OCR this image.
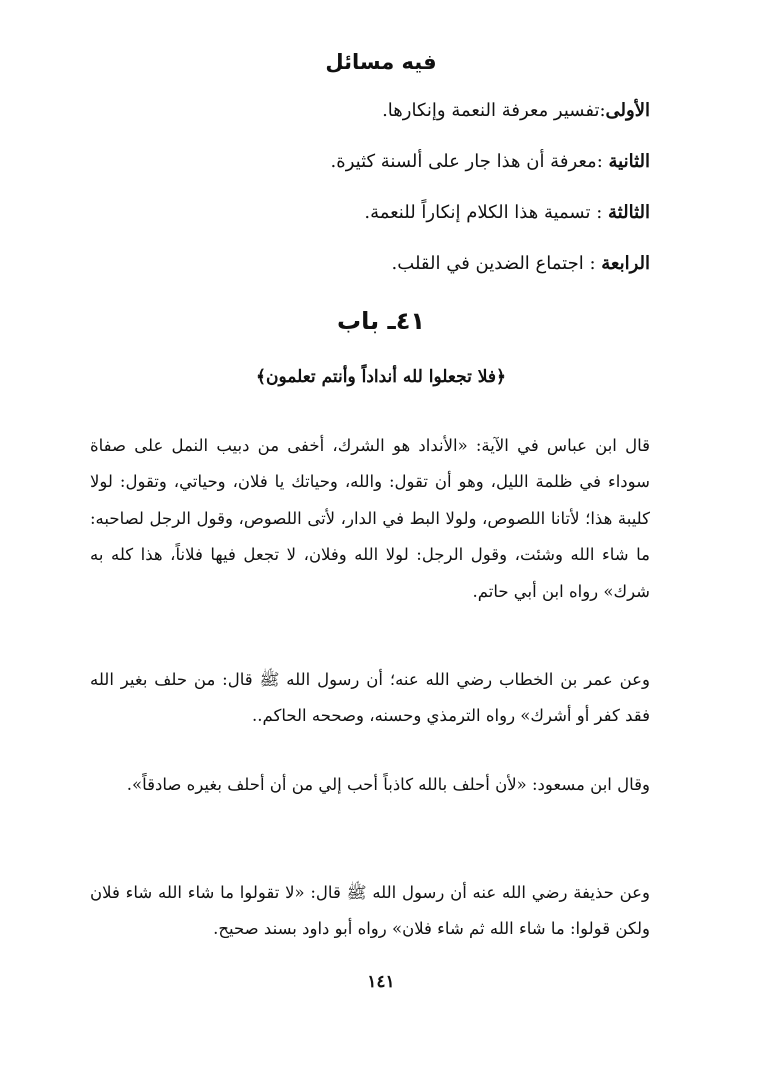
فيه مسائل
الأولى:تفسير معرفة النعمة وإنكارها.
الثانية :معرفة أن هذا جار على ألسنة كثيرة.
الثالثة : تسمية هذا الكلام إنكاراً للنعمة.
الرابعة : اجتماع الضدين في القلب.
٤١ـ باب
﴿فلا تجعلوا لله أنداداً وأنتم تعلمون﴾

قال ابن عباس في الآية: «الأنداد هو الشرك، أخفى من دبيب النمل على صفاة سوداء في ظلمة الليل، وهو أن تقول: والله، وحياتك يا فلان، وحياتي، وتقول: لولا كليبة هذا؛ لأتانا اللصوص، ولولا البط في الدار، لأتى اللصوص، وقول الرجل لصاحبه: ما شاء الله وشئت، وقول الرجل: لولا الله وفلان، لا تجعل فيها فلاناً، هذا كله به شرك» رواه ابن أبي حاتم.

وعن عمر بن الخطاب رضي الله عنه؛ أن رسول الله ﷺ قال: من حلف بغير الله فقد كفر أو أشرك» رواه الترمذي وحسنه، وصححه الحاكم..

وقال ابن مسعود: «لأن أحلف بالله كاذباً أحب إلي من أن أحلف بغيره صادقاً».

وعن حذيفة رضي الله عنه أن رسول الله ﷺ قال: «لا تقولوا ما شاء الله شاء فلان ولكن قولوا: ما شاء الله ثم شاء فلان» رواه أبو داود بسند صحيح.

١٤١
